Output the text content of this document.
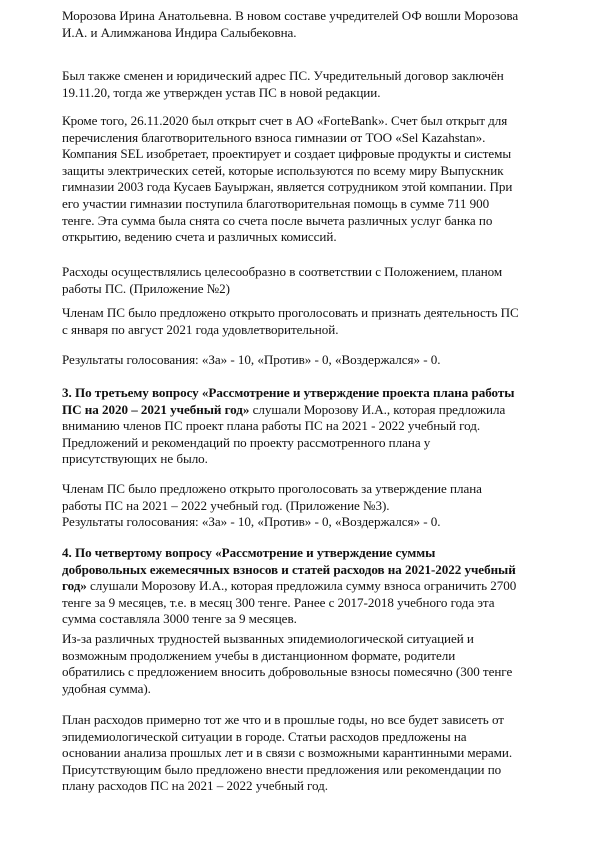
Морозова Ирина Анатольевна. В новом составе учредителей ОФ вошли Морозова
И.А. и Алимжанова Индира Салыбековна.

Был также сменен и юридический адрес ПС. Учредительный договор заключён
19.11.20, тогда же утвержден устав ПС в новой редакции.

Кроме того, 26.11.2020 был открыт счет в АО «ForteBank». Счет был открыт для
перечисления благотворительного взноса гимназии от ТОО «Sel Kazahstan».
Компания SEL изобретает, проектирует и создает цифровые продукты и системы
защиты электрических сетей, которые используются по всему миру Выпускник
гимназии 2003 года Кусаев Бауыржан, является сотрудником этой компании. При
его участии гимназии поступила благотворительная помощь в сумме 711 900
тенге. Эта сумма была снята со счета после вычета различных услуг банка по
открытию, ведению счета и различных комиссий.

Расходы осуществлялись целесообразно в соответствии с Положением, планом
работы ПС. (Приложение №2)

Членам ПС было предложено открыто проголосовать и признать деятельность ПС
с января по август 2021 года удовлетворительной.

Результаты голосования: «За» - 10, «Против» - 0, «Воздержался» - 0.

3. По третьему вопросу «Рассмотрение и утверждение проекта плана работы
ПС на 2020 – 2021 учебный год» слушали Морозову И.А., которая предложила
вниманию членов ПС проект плана работы ПС на 2021 - 2022 учебный год.
Предложений и рекомендаций по проекту рассмотренного плана у
присутствующих не было.

Членам ПС было предложено открыто проголосовать за утверждение плана
работы ПС на 2021 – 2022 учебный год. (Приложение №3).
Результаты голосования: «За» - 10, «Против» - 0, «Воздержался» - 0.

4. По четвертому вопросу «Рассмотрение и утверждение суммы
добровольных ежемесячных взносов и статей расходов на 2021-2022 учебный
год» слушали Морозову И.А., которая предложила сумму взноса ограничить 2700
тенге за 9 месяцев, т.е. в месяц 300 тенге. Ранее с 2017-2018 учебного года эта
сумма составляла 3000 тенге за 9 месяцев.

Из-за различных трудностей вызванных эпидемиологической ситуацией и
возможным продолжением учебы в дистанционном формате, родители
обратились с предложением вносить добровольные взносы помесячно (300 тенге
удобная сумма).

План расходов примерно тот же что и в прошлые годы, но все будет зависеть от
эпидемиологической ситуации в городе. Статьи расходов предложены на
основании анализа прошлых лет и в связи с возможными карантинными мерами.
Присутствующим было предложено внести предложения или рекомендации по
плану расходов ПС на 2021 – 2022 учебный год.
